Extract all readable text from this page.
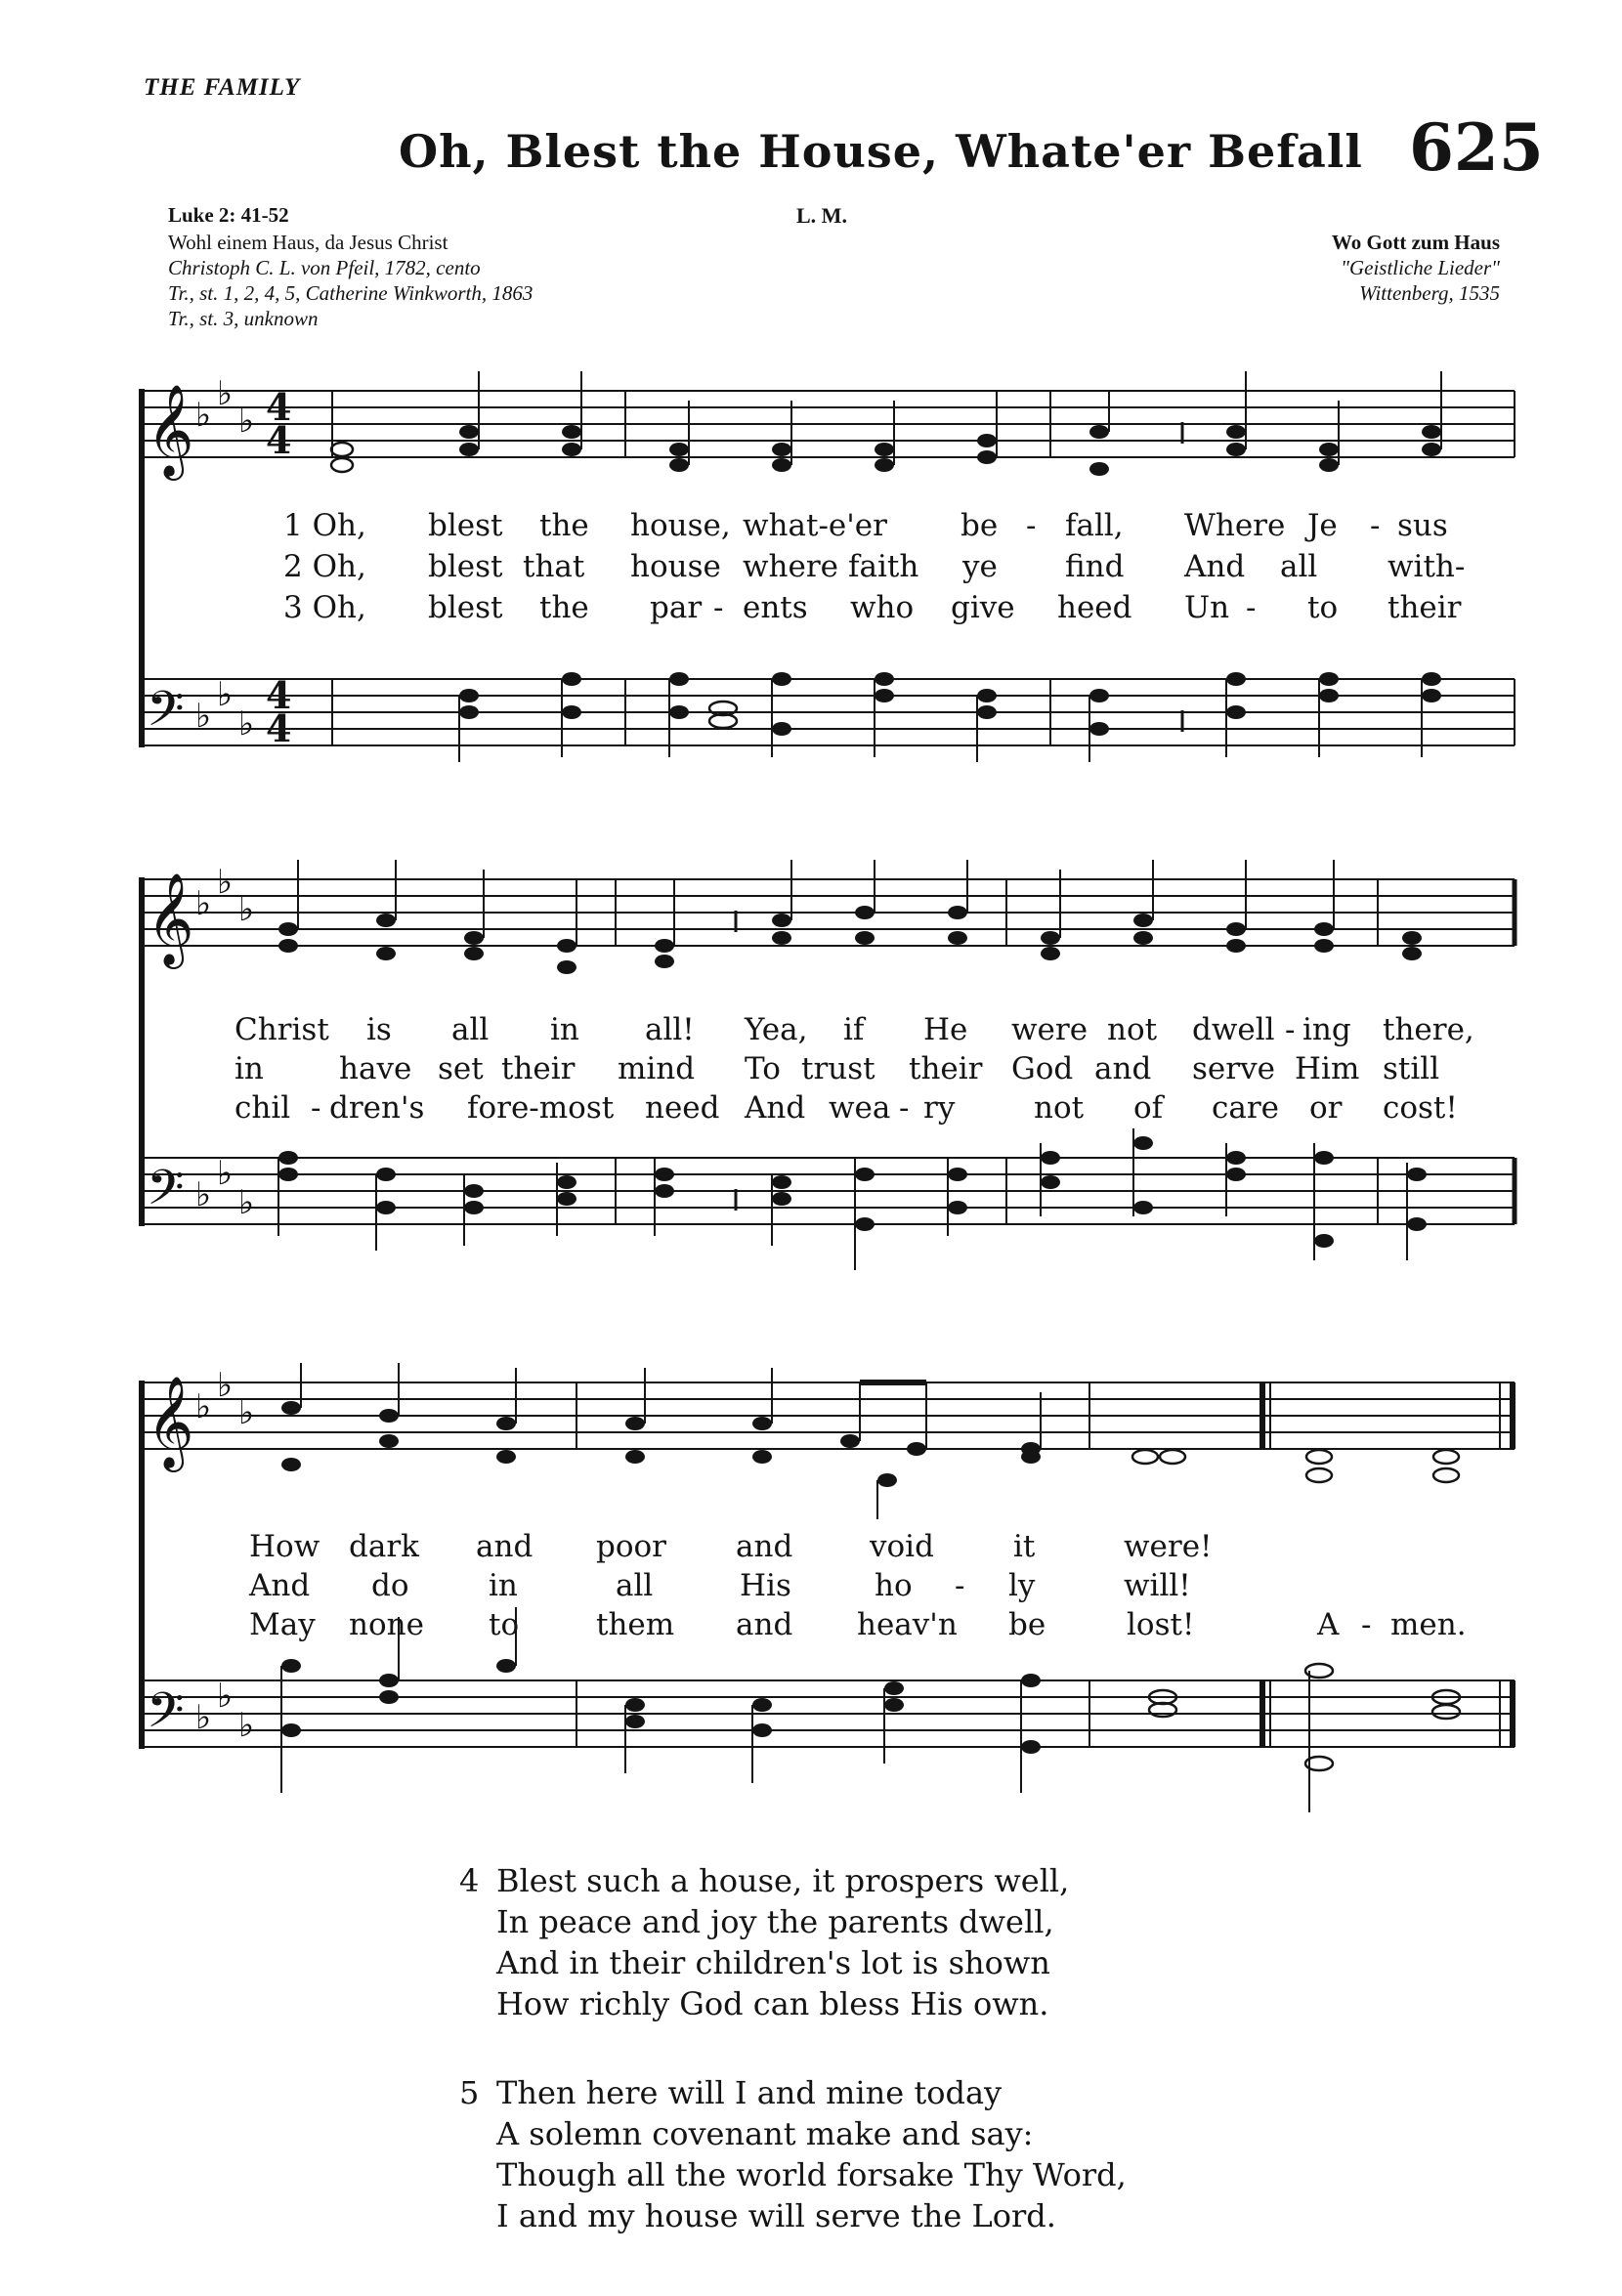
THE FAMILY
Oh, Blest the House, Whate'er Befall 625
Luke 2: 41-52
Wohl einem Haus, da Jesus Christ
Christoph C. L. von Pfeil, 1782, cento
Tr., st. 1, 2, 4, 5, Catherine Winkworth, 1863
Tr., st. 3, unknown
L. M.
Wo Gott zum Haus
"Geistliche Lieder"
Wittenberg, 1535
𝄞
𝄢
♭
♭
♭
♭
♭
♭
4
4
4
4
1 Oh, blest the house, what-e'er be - fall, Where Je - sus
2 Oh, blest that house where faith ye find And all with-
3 Oh, blest the par - ents who give heed Un - to their
𝄞
𝄢
♭
♭
♭
♭
♭
♭
Christ is all in all! Yea, if He were not dwell - ing there,
in have set their mind To trust their God and serve Him still
chil - dren's fore-most need And wea - ry	not of care or cost!
𝄞
𝄢
♭
♭
♭
♭
♭
♭
How dark and poor and	void	it	were!
And do	in	all	His	ho - ly	will!
May none to	them and heav'n be	lost!	A - men.
4 Blest such a house, it prospers well,
In peace and joy the parents dwell,
And in their children's lot is shown
How richly God can bless His own.
5 Then here will I and mine today
A solemn covenant make and say:
Though all the world forsake Thy Word,
I and my house will serve the Lord.
